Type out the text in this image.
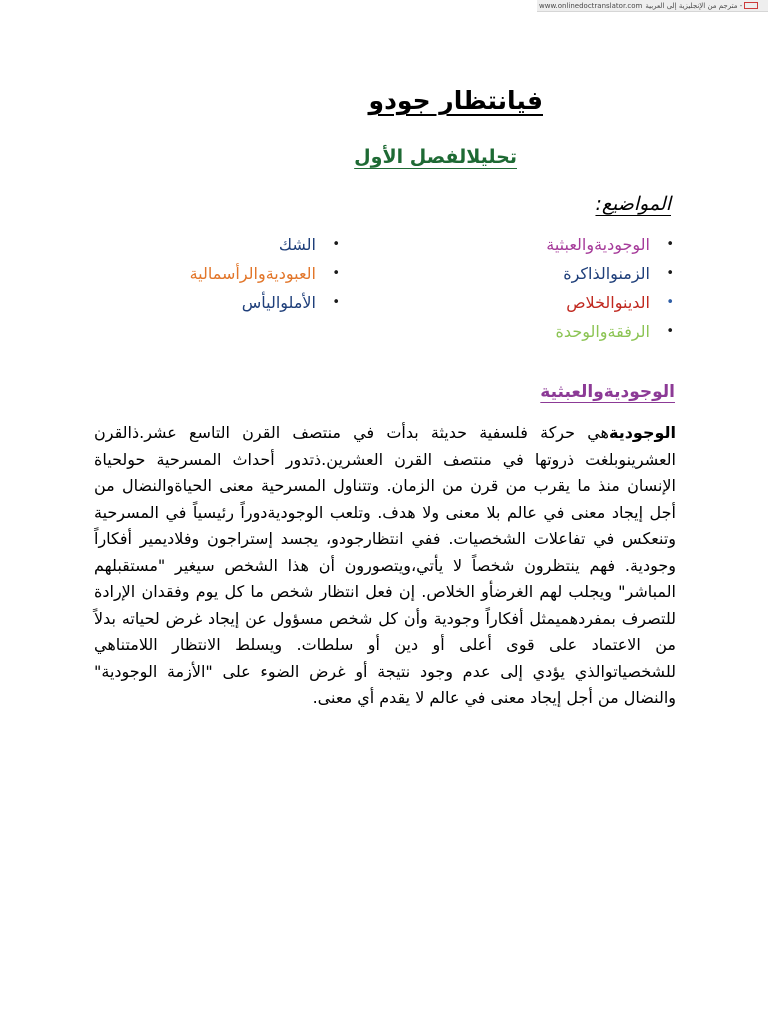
www.onlinedoctranslator.com - مترجم من الإنجليزية إلى العربية
فيانتظار جودو
تحليلالفصل الأول
المواضيع:
•
الوجوديةوالعبثية
•
الزمنوالذاكرة
•
الدينوالخلاص
•
الرفقةوالوحدة
•
الشك
•
العبوديةوالرأسمالية
•
الأملواليأس
الوجوديةوالعبثية

الوجوديةهي حركة فلسفية حديثة بدأت في منتصف القرن التاسع عشر.ذالقرن العشرينوبلغت ذروتها في منتصف القرن العشرين.ذتدور أحداث المسرحية حولحياة الإنسان منذ ما يقرب من قرن من الزمان. وتتناول المسرحية معنى الحياةوالنضال من أجل إيجاد معنى في عالم بلا معنى ولا هدف. وتلعب الوجوديةدوراً رئيسياً في المسرحية وتنعكس في تفاعلات الشخصيات. ففي انتظارجودو، يجسد إستراجون وفلاديمير أفكاراً وجودية. فهم ينتظرون شخصاً لا يأتي،ويتصورون أن هذا الشخص سيغير "مستقبلهم المباشر" ويجلب لهم الغرضأو الخلاص. إن فعل انتظار شخص ما كل يوم وفقدان الإرادة للتصرف بمفردهميمثل أفكاراً وجودية وأن كل شخص مسؤول عن إيجاد غرض لحياته بدلاً من الاعتماد على قوى أعلى أو دين أو سلطات. ويسلط الانتظار اللامتناهي للشخصياتوالذي يؤدي إلى عدم وجود نتيجة أو غرض الضوء على "الأزمة الوجودية" والنضال من أجل إيجاد معنى في عالم لا يقدم أي معنى.
